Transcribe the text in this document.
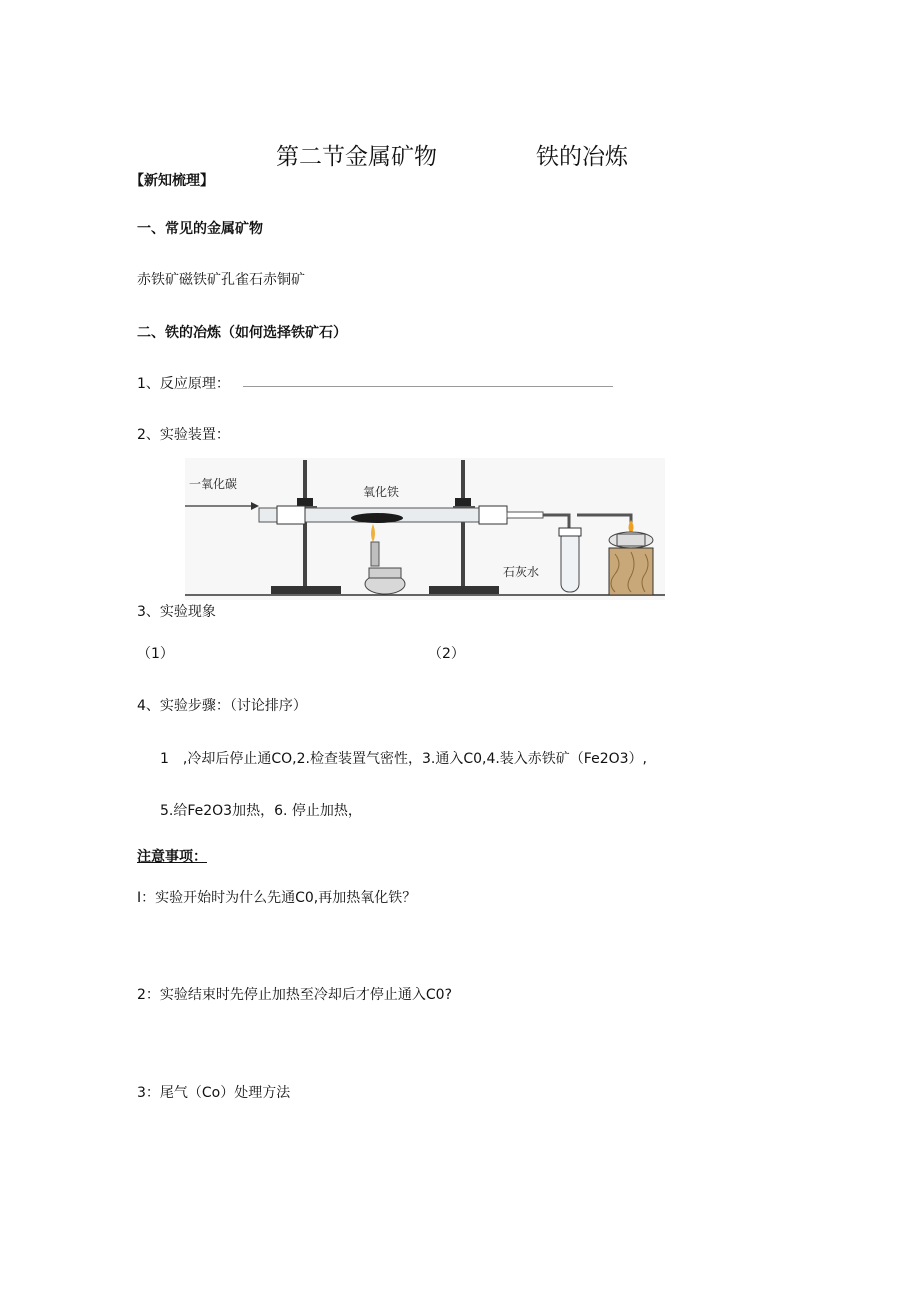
第二节金属矿物	铁的冶炼
【新知梳理】
一、常见的金属矿物
赤铁矿磁铁矿孔雀石赤铜矿
二、铁的冶炼（如何选择铁矿石）
1、反应原理：
2、实验装置：
一氧化碳
氧化铁
石灰水
3、实验现象
（1）	（2）
4、实验步骤：（讨论排序）
1　,冷却后停止通CO,2.检查装置气密性，3.通入C0,4.装入赤铁矿（Fe2O3）,
5.给Fe2O3加热，6. 停止加热，
注意事项：
I：实验开始时为什么先通C0,再加热氧化铁？
2：实验结束时先停止加热至冷却后才停止通入C0?
3：尾气（Co）处理方法
